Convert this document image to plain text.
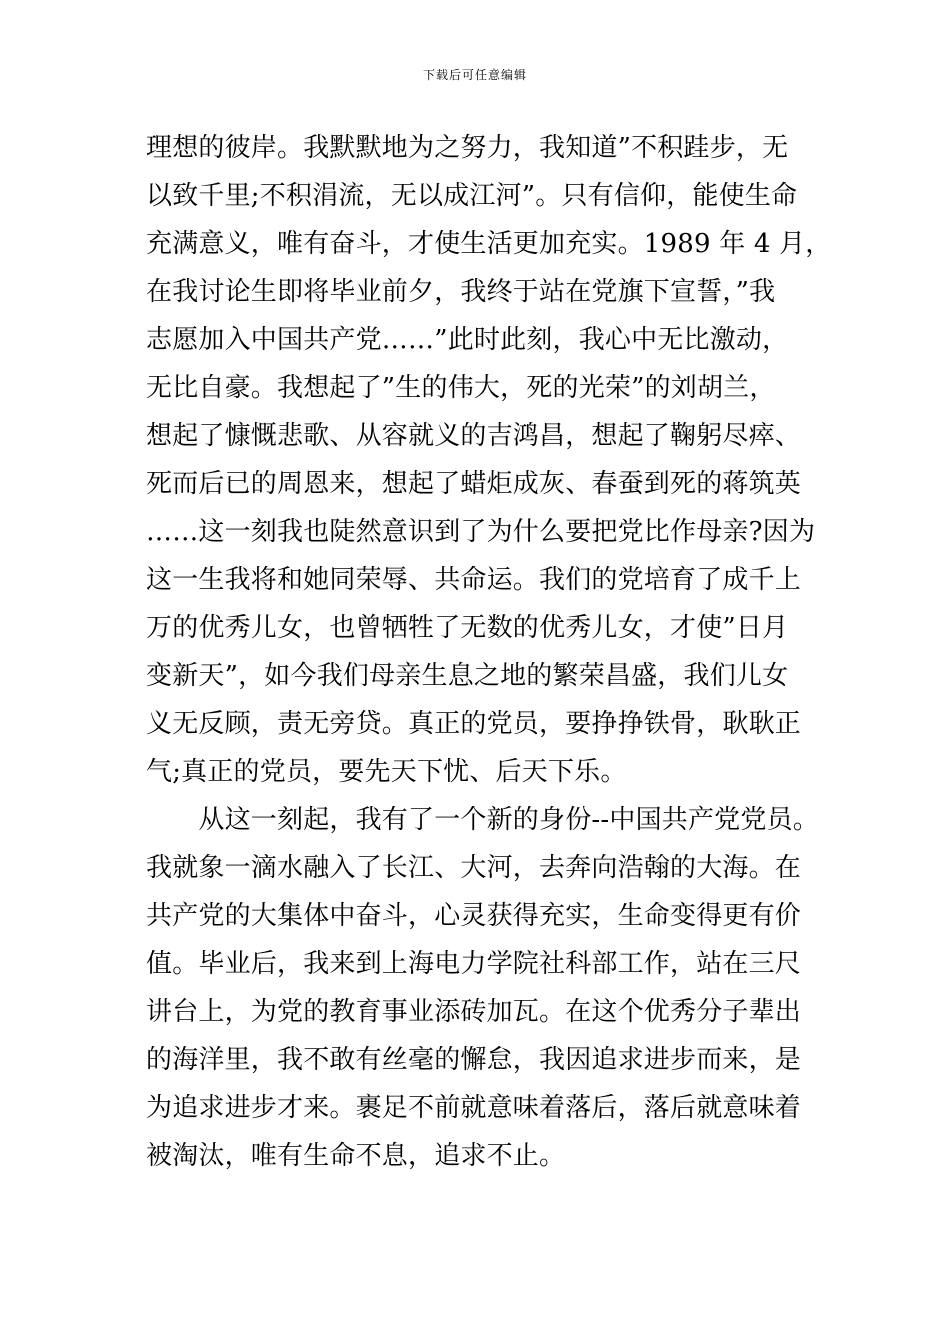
下载后可任意编辑
理想的彼岸。我默默地为之努力，我知道”不积跬步，无
以致千里;不积涓流，无以成江河”。只有信仰，能使生命
充满意义，唯有奋斗，才使生活更加充实。1989 年 4 月，
在我讨论生即将毕业前夕，我终于站在党旗下宣誓，”我
志愿加入中国共产党……”此时此刻，我心中无比激动，
无比自豪。我想起了”生的伟大，死的光荣”的刘胡兰，
想起了慷慨悲歌、从容就义的吉鸿昌，想起了鞠躬尽瘁、
死而后已的周恩来，想起了蜡炬成灰、春蚕到死的蒋筑英
……这一刻我也陡然意识到了为什么要把党比作母亲?因为
这一生我将和她同荣辱、共命运。我们的党培育了成千上
万的优秀儿女，也曾牺牲了无数的优秀儿女，才使”日月
变新天”，如今我们母亲生息之地的繁荣昌盛，我们儿女
义无反顾，责无旁贷。真正的党员，要挣挣铁骨，耿耿正
气;真正的党员，要先天下忧、后天下乐。
　　从这一刻起，我有了一个新的身份--中国共产党党员。
我就象一滴水融入了长江、大河，去奔向浩翰的大海。在
共产党的大集体中奋斗，心灵获得充实，生命变得更有价
值。毕业后，我来到上海电力学院社科部工作，站在三尺
讲台上，为党的教育事业添砖加瓦。在这个优秀分子辈出
的海洋里，我不敢有丝毫的懈怠，我因追求进步而来，是
为追求进步才来。裹足不前就意味着落后，落后就意味着
被淘汰，唯有生命不息，追求不止。
